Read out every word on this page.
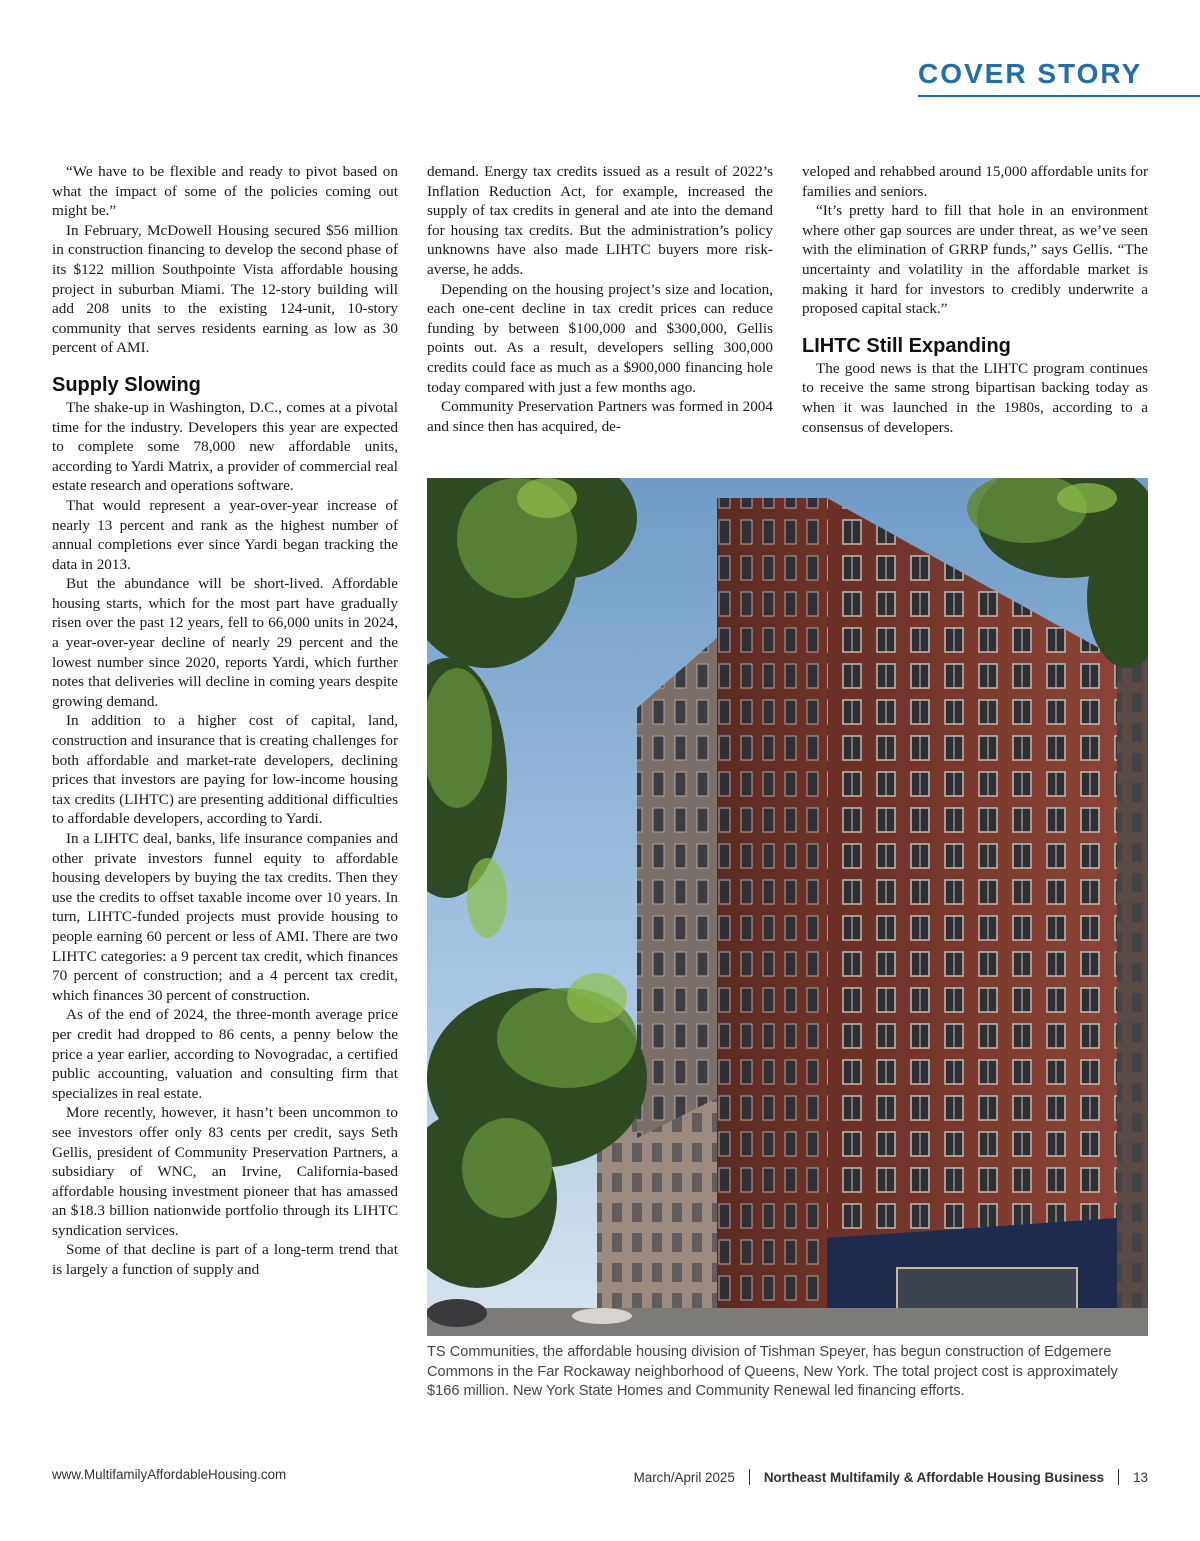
COVER STORY

“We have to be flexible and ready to pivot based on what the impact of some of the policies coming out might be.”

In February, McDowell Housing secured $56 million in construction financing to develop the second phase of its $122 million Southpointe Vista affordable housing project in suburban Miami. The 12-story building will add 208 units to the existing 124-unit, 10-story community that serves residents earning as low as 30 percent of AMI.

Supply Slowing

The shake-up in Washington, D.C., comes at a pivotal time for the industry. Developers this year are expected to complete some 78,000 new affordable units, according to Yardi Matrix, a provider of commercial real estate research and operations software.

That would represent a year-over-year increase of nearly 13 percent and rank as the highest number of annual completions ever since Yardi began tracking the data in 2013.

But the abundance will be short-lived. Affordable housing starts, which for the most part have gradually risen over the past 12 years, fell to 66,000 units in 2024, a year-over-year decline of nearly 29 percent and the lowest number since 2020, reports Yardi, which further notes that deliveries will decline in coming years despite growing demand.

In addition to a higher cost of capital, land, construction and insurance that is creating challenges for both affordable and market-rate developers, declining prices that investors are paying for low-income housing tax credits (LIHTC) are presenting additional difficulties to affordable developers, according to Yardi.

In a LIHTC deal, banks, life insurance companies and other private investors funnel equity to affordable housing developers by buying the tax credits. Then they use the credits to offset taxable income over 10 years. In turn, LIHTC-funded projects must provide housing to people earning 60 percent or less of AMI. There are two LIHTC categories: a 9 percent tax credit, which finances 70 percent of construction; and a 4 percent tax credit, which finances 30 percent of construction.

As of the end of 2024, the three-month average price per credit had dropped to 86 cents, a penny below the price a year earlier, according to Novogradac, a certified public accounting, valuation and consulting firm that specializes in real estate.

More recently, however, it hasn’t been uncommon to see investors offer only 83 cents per credit, says Seth Gellis, president of Community Preservation Partners, a subsidiary of WNC, an Irvine, California-based affordable housing investment pioneer that has amassed an $18.3 billion nationwide portfolio through its LIHTC syndication services.

Some of that decline is part of a long-term trend that is largely a function of supply and

demand. Energy tax credits issued as a result of 2022’s Inflation Reduction Act, for example, increased the supply of tax credits in general and ate into the demand for housing tax credits. But the administration’s policy unknowns have also made LIHTC buyers more risk-averse, he adds.

Depending on the housing project’s size and location, each one-cent decline in tax credit prices can reduce funding by between $100,000 and $300,000, Gellis points out. As a result, developers selling 300,000 credits could face as much as a $900,000 financing hole today compared with just a few months ago.

Community Preservation Partners was formed in 2004 and since then has acquired, de-

veloped and rehabbed around 15,000 affordable units for families and seniors.

“It’s pretty hard to fill that hole in an environment where other gap sources are under threat, as we’ve seen with the elimination of GRRP funds,” says Gellis. “The uncertainty and volatility in the affordable market is making it hard for investors to credibly underwrite a proposed capital stack.”

LIHTC Still Expanding

The good news is that the LIHTC program continues to receive the same strong bipartisan backing today as when it was launched in the 1980s, according to a consensus of developers.

TS Communities, the affordable housing division of Tishman Speyer, has begun construction of Edgemere Commons in the Far Rockaway neighborhood of Queens, New York. The total project cost is approximately $166 million. New York State Homes and Community Renewal led financing efforts.
www.MultifamilyAffordableHousing.com	March/April 2025 Northeast Multifamily & Affordable Housing Business 13
